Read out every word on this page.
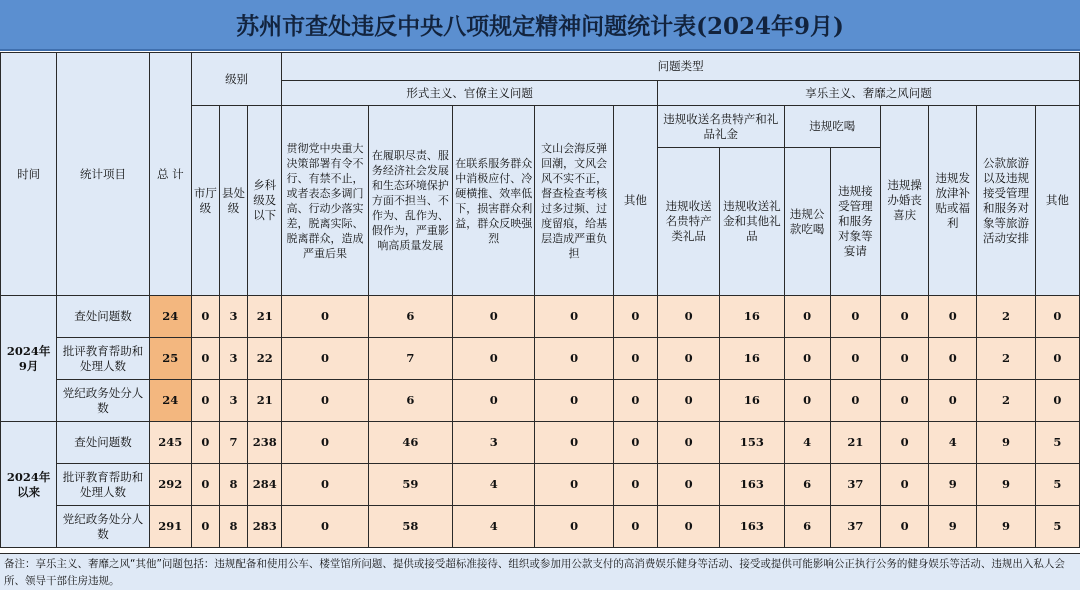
苏州市查处违反中央八项规定精神问题统计表(2024年9月)
时间	统计项目	总 计	级别			问题类型												
						形式主义、官僚主义问题					享乐主义、奢靡之风问题							
			市厅级	县处级	乡科级及以下	贯彻党中央重大决策部署有令不行、有禁不止，或者表态多调门高、行动少落实差，脱离实际、脱离群众，造成严重后果	在履职尽责、服务经济社会发展和生态环境保护方面不担当、不作为、乱作为、假作为，严重影响高质量发展	在联系服务群众中消极应付、冷硬横推、效率低下，损害群众利益，群众反映强烈	文山会海反弹回潮，文风会风不实不正，督查检查考核过多过频、过度留痕，给基层造成严重负担	其他	违规收送名贵特产和礼品礼金		违规吃喝		违规操办婚丧喜庆	违规发放津补贴或福利	公款旅游以及违规接受管理和服务对象等旅游活动安排	其他
											违规收送名贵特产类礼品	违规收送礼金和其他礼品	违规公款吃喝	违规接受管理和服务对象等宴请				
2024年9月	查处问题数	24	0	3	21	0	6	0	0	0	0	16	0	0	0	0	2	0
	批评教育帮助和处理人数	25	0	3	22	0	7	0	0	0	0	16	0	0	0	0	2	0
	党纪政务处分人数	24	0	3	21	0	6	0	0	0	0	16	0	0	0	0	2	0
2024年以来	查处问题数	245	0	7	238	0	46	3	0	0	0	153	4	21	0	4	9	5
	批评教育帮助和处理人数	292	0	8	284	0	59	4	0	0	0	163	6	37	0	9	9	5
	党纪政务处分人数	291	0	8	283	0	58	4	0	0	0	163	6	37	0	9	9	5
备注：享乐主义、奢靡之风“其他”问题包括：违规配备和使用公车、楼堂馆所问题、提供或接受超标准接待、组织或参加用公款支付的高消费娱乐健身等活动、接受或提供可能影响公正执行公务的健身娱乐等活动、违规出入私人会所、领导干部住房违规。
